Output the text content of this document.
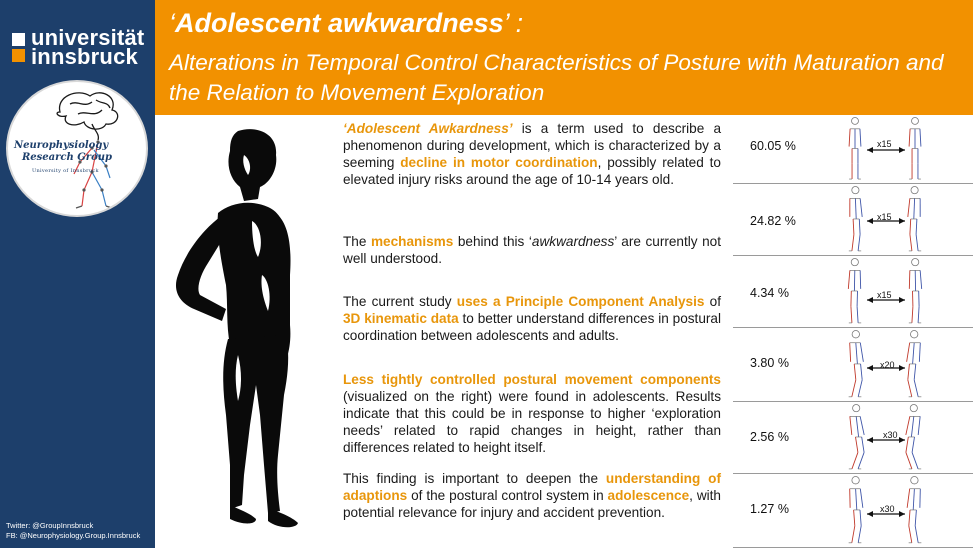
universität
innsbruck
Neurophysiology
Research Group
University of Innsbruck
Twitter: @GroupInnsbruck
FB: @Neurophysiology.Group.Innsbruck
‘Adolescent awkwardness’ :
Alterations in Temporal Control Characteristics of Posture with Maturation and the Relation to Movement Exploration

‘Adolescent Awkardness’ is a term used to describe a phenomenon during development, which is characterized by a seeming decline in motor coordination, possibly related to elevated injury risks around the age of 10-14 years old.

The mechanisms behind this ‘awkwardness’ are currently not well understood.

The current study uses a Principle Component Analysis of 3D kinematic data to better understand differences in postural coordination between adolescents and adults.

Less tightly controlled postural movement components (visualized on the right) were found in adolescents. Results indicate that this could be in response to higher ‘exploration needs’ related to rapid changes in height, rather than differences related to height itself.

This finding is important to deepen the understanding of adaptions of the postural control system in adolescence, with potential relevance for injury and accident prevention.

60.05 %	x15
24.82 %	x15
4.34 %	x15
3.80 %	x20
2.56 %	x30
1.27 %	x30
